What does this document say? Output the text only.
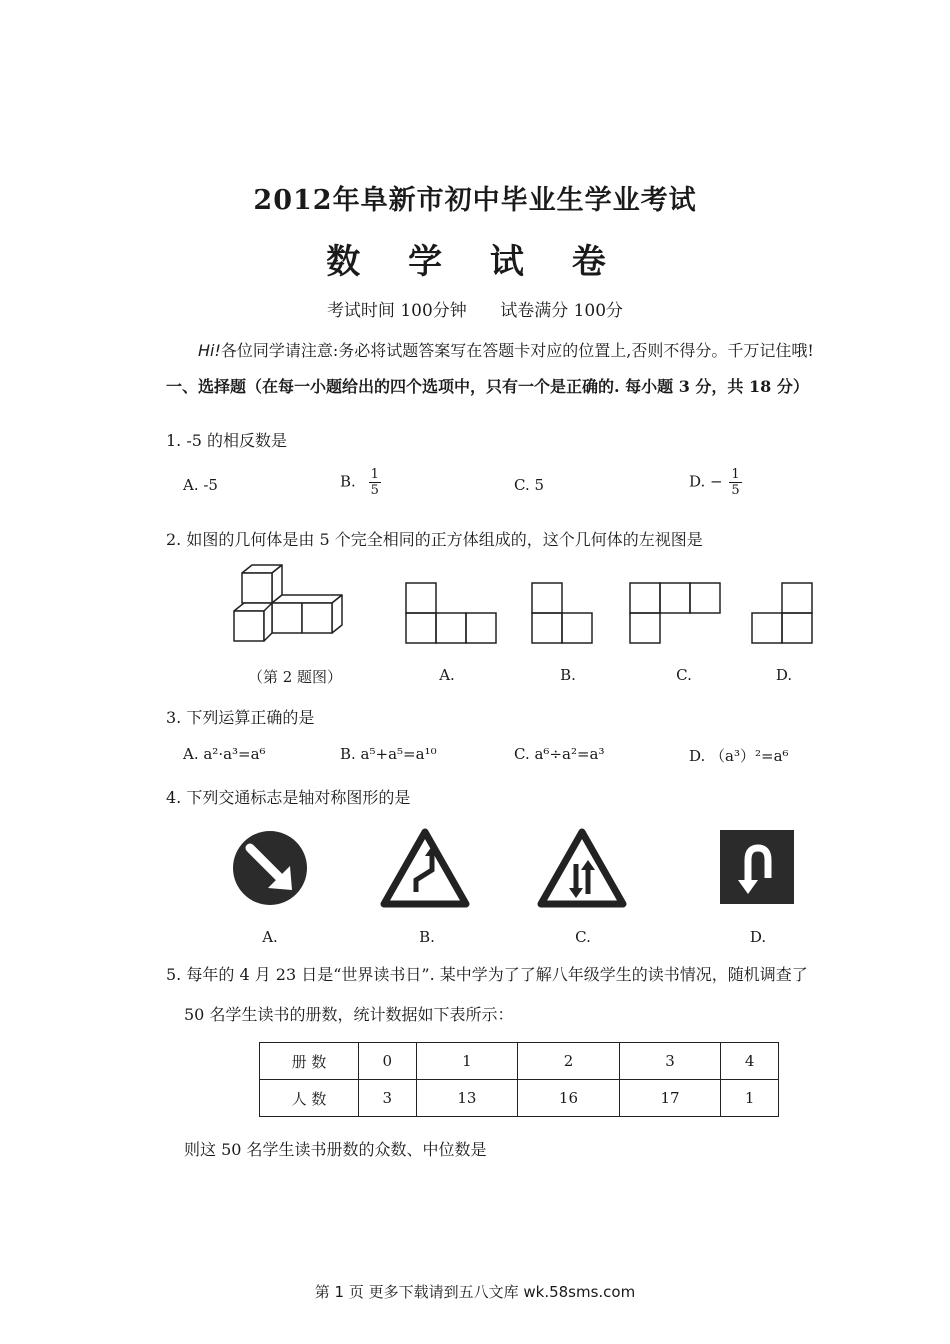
2012年阜新市初中毕业生学业考试
数 学 试 卷
考试时间 100分钟 试卷满分 100分
Hi!各位同学请注意:务必将试题答案写在答题卡对应的位置上,否则不得分。千万记住哦!
一、选择题（在每一小题给出的四个选项中，只有一个是正确的. 每小题 3 分，共 18 分）
1. -5 的相反数是
A. -5	B. $\frac{1}{5}$	C. 5	D. − $\frac{1}{5}$
2. 如图的几何体是由 5 个完全相同的正方体组成的，这个几何体的左视图是
（第 2 题图）	A.	B.	C.	D.
3. 下列运算正确的是
A. a²·a³=a⁶	B. a⁵+a⁵=a¹⁰	C. a⁶÷a²=a³	D. （a³）²=a⁶
4. 下列交通标志是轴对称图形的是
A.	B.	C.	D.
5. 每年的 4 月 23 日是“世界读书日”. 某中学为了了解八年级学生的读书情况，随机调查了
50 名学生读书的册数，统计数据如下表所示：
册 数	0	1	2	3	4
人 数	3	13	16	17	1
则这 50 名学生读书册数的众数、中位数是
第 1 页 更多下载请到五八文库 wk.58sms.com
